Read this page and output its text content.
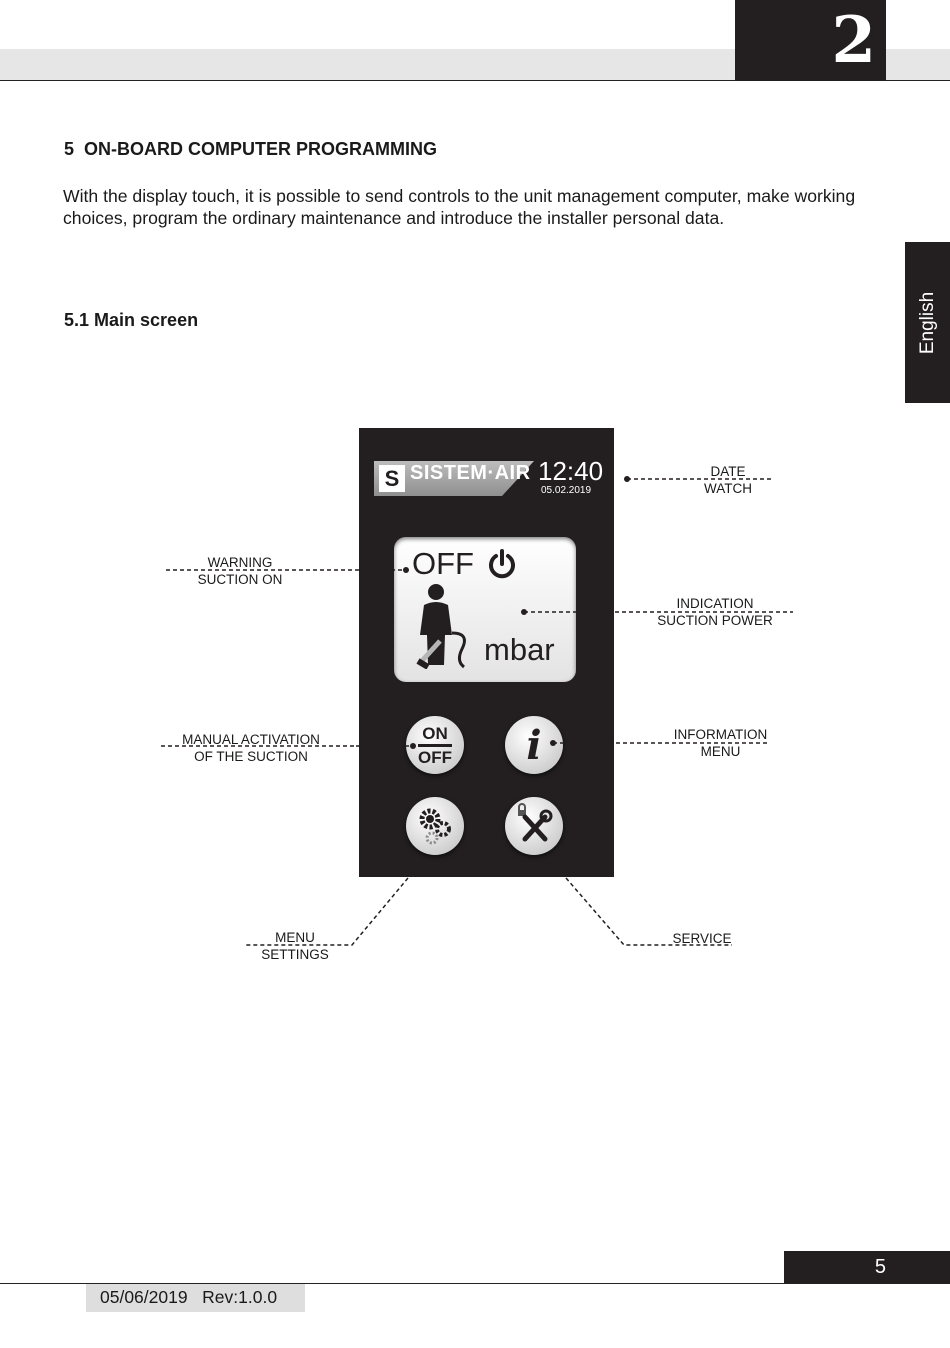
2
English
5 ON-BOARD COMPUTER PROGRAMMING

With the display touch, it is possible to send controls to the unit management computer, make working choices, program the ordinary maintenance and introduce the installer personal data.

5.1 Main screen
S SISTEM·AIR 12:40
05.02.2019
OFF
mbar
ON
OFF i
DATE
WATCH
WARNING
SUCTION ON
INDICATION
SUCTION POWER
MANUAL ACTIVATION
OF THE SUCTION
INFORMATION
MENU
MENU
SETTINGS
SERVICE
5
05/06/2019   Rev:1.0.0
